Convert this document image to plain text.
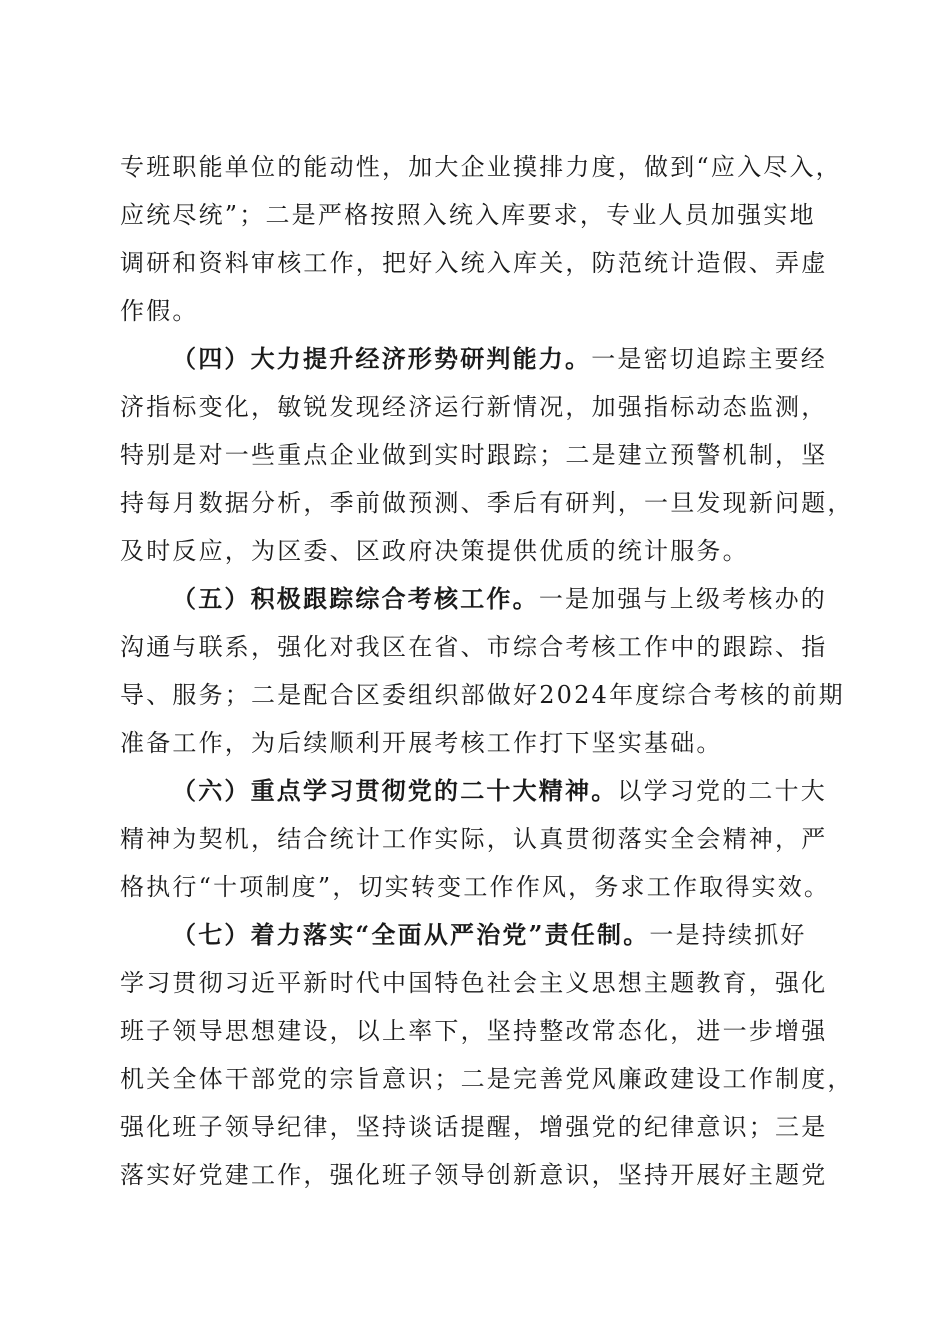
专班职能单位的能动性，加大企业摸排力度，做到“应入尽入，
应统尽统”；二是严格按照入统入库要求，专业人员加强实地
调研和资料审核工作，把好入统入库关，防范统计造假、弄虚
作假。
（四）大力提升经济形势研判能力。一是密切追踪主要经
济指标变化，敏锐发现经济运行新情况，加强指标动态监测，
特别是对一些重点企业做到实时跟踪；二是建立预警机制，坚
持每月数据分析，季前做预测、季后有研判，一旦发现新问题，
及时反应，为区委、区政府决策提供优质的统计服务。
（五）积极跟踪综合考核工作。一是加强与上级考核办的
沟通与联系，强化对我区在省、市综合考核工作中的跟踪、指
导、服务；二是配合区委组织部做好2024年度综合考核的前期
准备工作，为后续顺利开展考核工作打下坚实基础。
（六）重点学习贯彻党的二十大精神。以学习党的二十大
精神为契机，结合统计工作实际，认真贯彻落实全会精神，严
格执行“十项制度”，切实转变工作作风，务求工作取得实效。
（七）着力落实“全面从严治党”责任制。一是持续抓好
学习贯彻习近平新时代中国特色社会主义思想主题教育，强化
班子领导思想建设，以上率下，坚持整改常态化，进一步增强
机关全体干部党的宗旨意识；二是完善党风廉政建设工作制度，
强化班子领导纪律，坚持谈话提醒，增强党的纪律意识；三是
落实好党建工作，强化班子领导创新意识，坚持开展好主题党
